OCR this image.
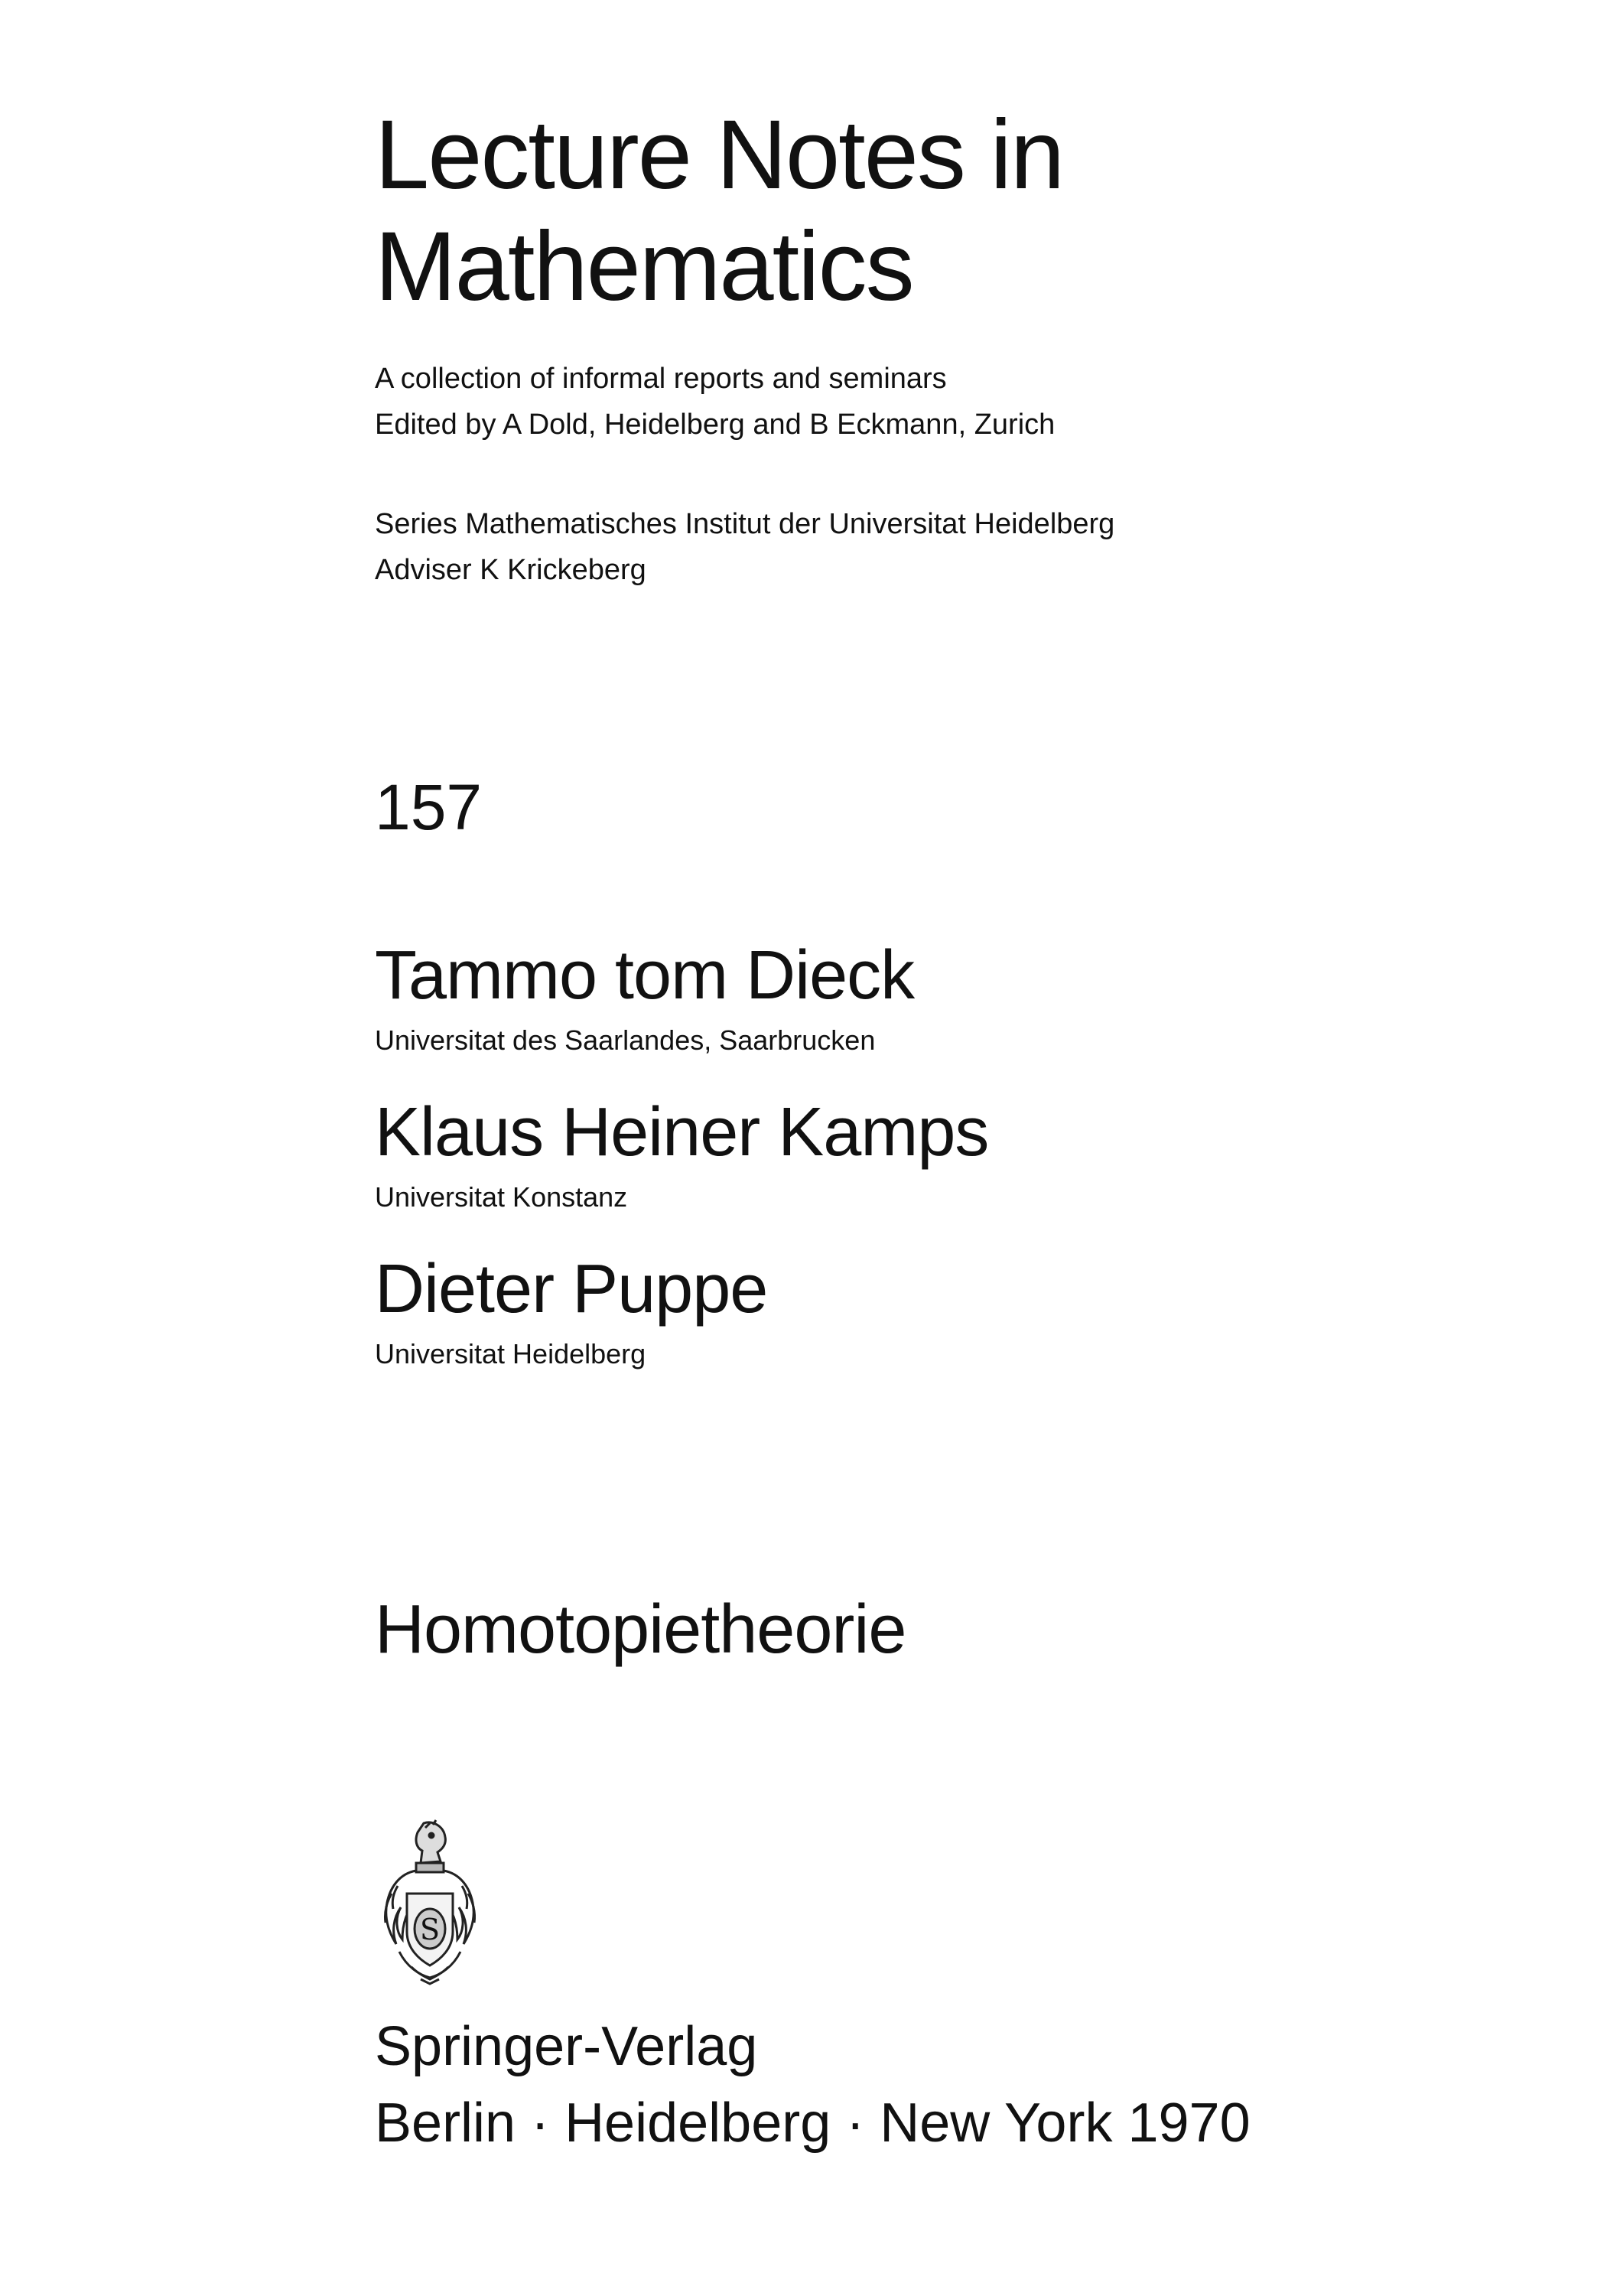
Lecture Notes in
Mathematics
A collection of informal reports and seminars
Edited by A Dold, Heidelberg and B Eckmann, Zurich
Series Mathematisches Institut der Universitat Heidelberg
Adviser K Krickeberg
157
Tammo tom Dieck
Universitat des Saarlandes, Saarbrucken
Klaus Heiner Kamps
Universitat Konstanz
Dieter Puppe
Universitat Heidelberg
Homotopietheorie
S
Springer-Verlag
Berlin · Heidelberg · New York 1970
